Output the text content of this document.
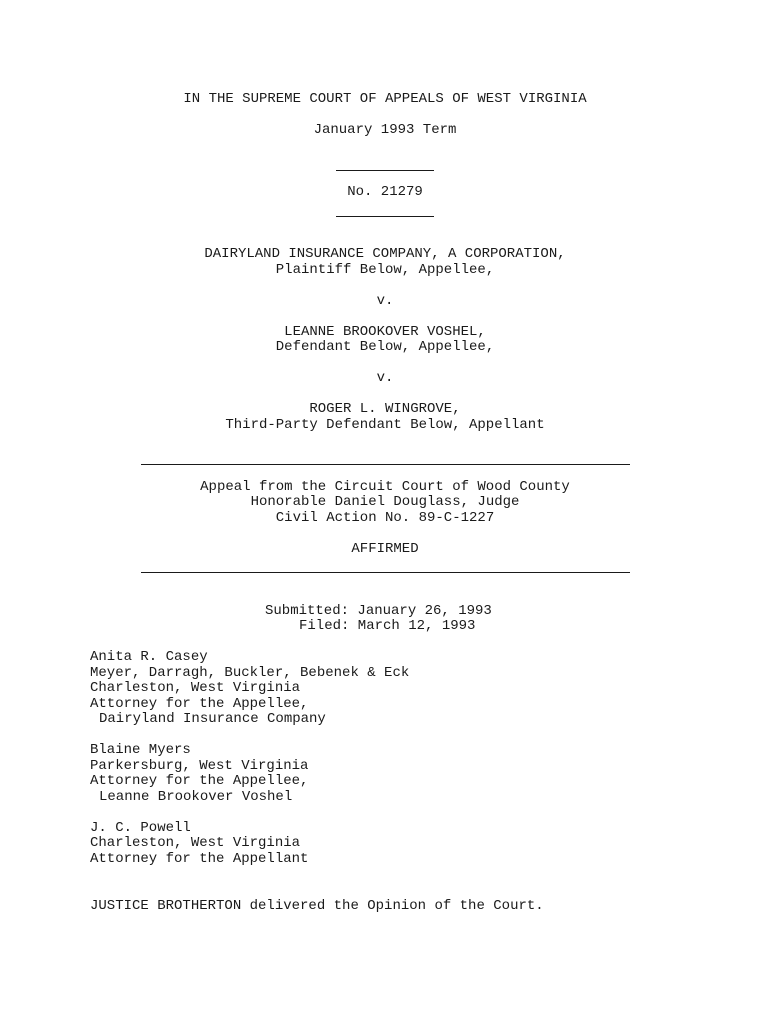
IN THE SUPREME COURT OF APPEALS OF WEST VIRGINIA
January 1993 Term
No. 21279
DAIRYLAND INSURANCE COMPANY, A CORPORATION,
Plaintiff Below, Appellee,
v.
LEANNE BROOKOVER VOSHEL,
Defendant Below, Appellee,
v.
ROGER L. WINGROVE,
Third-Party Defendant Below, Appellant
Appeal from the Circuit Court of Wood County
Honorable Daniel Douglass, Judge
Civil Action No. 89-C-1227
AFFIRMED
Submitted: January 26, 1993
Filed: March 12, 1993
Anita R. Casey
Meyer, Darragh, Buckler, Bebenek & Eck
Charleston, West Virginia
Attorney for the Appellee,
Dairyland Insurance Company
Blaine Myers
Parkersburg, West Virginia
Attorney for the Appellee,
Leanne Brookover Voshel
J. C. Powell
Charleston, West Virginia
Attorney for the Appellant
JUSTICE BROTHERTON delivered the Opinion of the Court.
